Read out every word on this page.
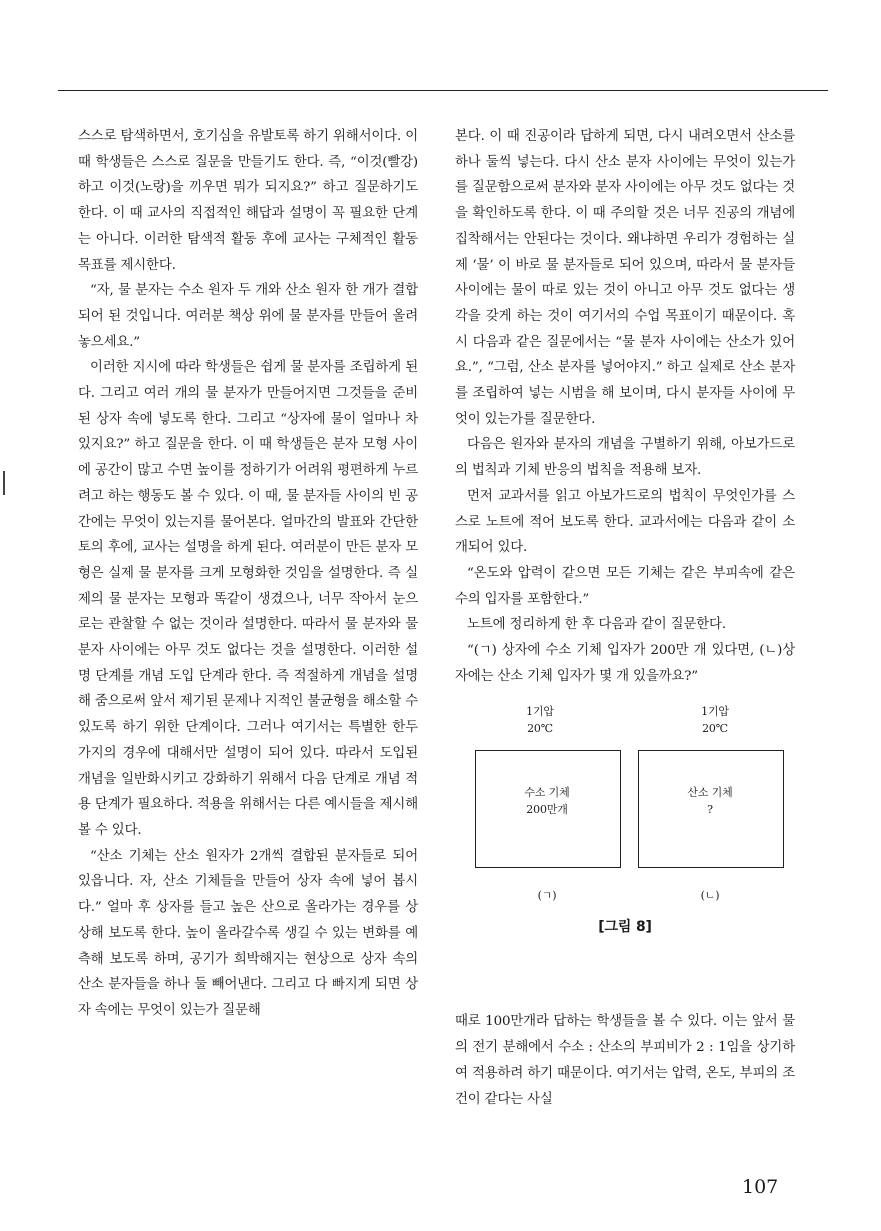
스스로 탐색하면서, 호기심을 유발토록 하기 위해서이다. 이 때 학생들은 스스로 질문을 만들기도 한다. 즉, “이것(빨강)하고 이것(노랑)을 끼우면 뭐가 되지요?” 하고 질문하기도 한다. 이 때 교사의 직접적인 해답과 설명이 꼭 필요한 단계는 아니다. 이러한 탐색적 활동 후에 교사는 구체적인 활동 목표를 제시한다.

“자, 물 분자는 수소 원자 두 개와 산소 원자 한 개가 결합되어 된 것입니다. 여러분 책상 위에 물 분자를 만들어 올려 놓으세요.”

이러한 지시에 따라 학생들은 쉽게 물 분자를 조립하게 된다. 그리고 여러 개의 물 분자가 만들어지면 그것들을 준비된 상자 속에 넣도록 한다. 그리고 “상자에 물이 얼마나 차 있지요?” 하고 질문을 한다. 이 때 학생들은 분자 모형 사이에 공간이 많고 수면 높이를 정하기가 어려워 평편하게 누르려고 하는 행동도 볼 수 있다. 이 때, 물 분자들 사이의 빈 공간에는 무엇이 있는지를 물어본다. 얼마간의 발표와 간단한 토의 후에, 교사는 설명을 하게 된다. 여러분이 만든 분자 모형은 실제 물 분자를 크게 모형화한 것임을 설명한다. 즉 실제의 물 분자는 모형과 똑같이 생겼으나, 너무 작아서 눈으로는 관찰할 수 없는 것이라 설명한다. 따라서 물 분자와 물 분자 사이에는 아무 것도 없다는 것을 설명한다. 이러한 설명 단계를 개념 도입 단계라 한다. 즉 적절하게 개념을 설명해 줌으로써 앞서 제기된 문제나 지적인 불균형을 해소할 수 있도록 하기 위한 단계이다. 그러나 여기서는 특별한 한두 가지의 경우에 대해서만 설명이 되어 있다. 따라서 도입된 개념을 일반화시키고 강화하기 위해서 다음 단계로 개념 적용 단계가 필요하다. 적용을 위해서는 다른 예시들을 제시해 볼 수 있다.

“산소 기체는 산소 원자가 2개씩 결합된 분자들로 되어 있읍니다. 자, 산소 기체들을 만들어 상자 속에 넣어 봅시다.” 얼마 후 상자를 들고 높은 산으로 올라가는 경우를 상상해 보도록 한다. 높이 올라갈수록 생길 수 있는 변화를 예측해 보도록 하며, 공기가 희박해지는 현상으로 상자 속의 산소 분자들을 하나 둘 빼어낸다. 그리고 다 빠지게 되면 상자 속에는 무엇이 있는가 질문해

본다. 이 때 진공이라 답하게 되면, 다시 내려오면서 산소를 하나 둘씩 넣는다. 다시 산소 분자 사이에는 무엇이 있는가를 질문함으로써 분자와 분자 사이에는 아무 것도 없다는 것을 확인하도록 한다. 이 때 주의할 것은 너무 진공의 개념에 집착해서는 안된다는 것이다. 왜냐하면 우리가 경험하는 실제 ‘물’ 이 바로 물 분자들로 되어 있으며, 따라서 물 분자들 사이에는 물이 따로 있는 것이 아니고 아무 것도 없다는 생각을 갖게 하는 것이 여기서의 수업 목표이기 때문이다. 혹시 다음과 같은 질문에서는 “물 분자 사이에는 산소가 있어요.”, “그럼, 산소 분자를 넣어야지.” 하고 실제로 산소 분자를 조립하여 넣는 시범을 해 보이며, 다시 분자들 사이에 무엇이 있는가를 질문한다.

다음은 원자와 분자의 개념을 구별하기 위해, 아보가드로의 법칙과 기체 반응의 법칙을 적용해 보자.

먼저 교과서를 읽고 아보가드로의 법칙이 무엇인가를 스스로 노트에 적어 보도록 한다. 교과서에는 다음과 같이 소개되어 있다.

“온도와 압력이 같으면 모든 기체는 같은 부피속에 같은 수의 입자를 포함한다.”

노트에 정리하게 한 후 다음과 같이 질문한다.

“(ㄱ) 상자에 수소 기체 입자가 200만 개 있다면, (ㄴ)상자에는 산소 기체 입자가 몇 개 있을까요?”

1기압
20℃
1기압
20℃
수소 기체
200만개
산소 기체
?
(ㄱ)	(ㄴ)
[그림 8]

때로 100만개라 답하는 학생들을 볼 수 있다. 이는 앞서 물의 전기 분해에서 수소 : 산소의 부피비가 2 : 1임을 상기하여 적용하려 하기 때문이다. 여기서는 압력, 온도, 부피의 조건이 같다는 사실

107
